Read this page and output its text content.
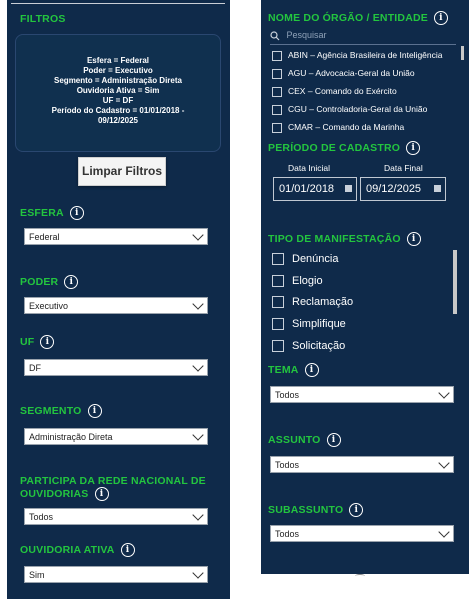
FILTROS
Esfera = Federal
Poder = Executivo
Segmento = Administração Direta
Ouvidoria Ativa = Sim
UF = DF
Período do Cadastro = 01/01/2018 -
09/12/2025
Limpar Filtros
ESFERA i
Federal
PODER i
Executivo
UF i
DF
SEGMENTO i
Administração Direta
PARTICIPA DA REDE NACIONAL DE
OUVIDORIAS i
Todos
OUVIDORIA ATIVA i
Sim
NOME DO ÓRGÃO / ENTIDADE i
Pesquisar
ABIN – Agência Brasileira de Inteligência
AGU – Advocacia-Geral da União
CEX – Comando do Exército
CGU – Controladoria-Geral da União
CMAR – Comando da Marinha
PERÍODO DE CADASTRO i
Data Inicial	Data Final
01/01/2018	09/12/2025
TIPO DE MANIFESTAÇÃO i
Denúncia
Elogio
Reclamação
Simplifique
Solicitação
TEMA i
Todos
ASSUNTO i
Todos
SUBASSUNTO i
Todos
